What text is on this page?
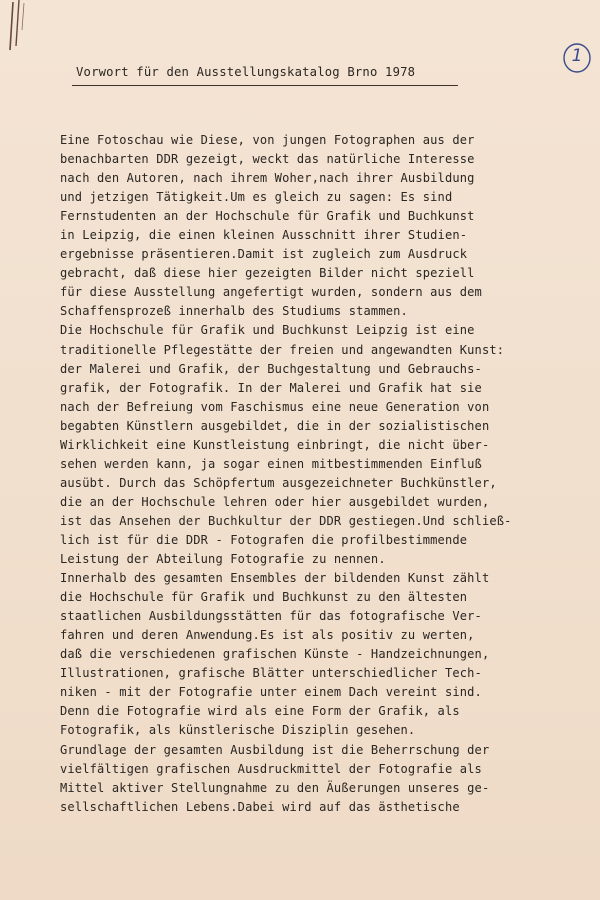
1
Vorwort für den Ausstellungskatalog Brno 1978
Eine Fotoschau wie Diese, von jungen Fotographen aus der
benachbarten DDR gezeigt, weckt das natürliche Interesse
nach den Autoren, nach ihrem Woher,nach ihrer Ausbildung
und jetzigen Tätigkeit.Um es gleich zu sagen: Es sind
Fernstudenten an der Hochschule für Grafik und Buchkunst
in Leipzig, die einen kleinen Ausschnitt ihrer Studien-
ergebnisse präsentieren.Damit ist zugleich zum Ausdruck
gebracht, daß diese hier gezeigten Bilder nicht speziell
für diese Ausstellung angefertigt wurden, sondern aus dem
Schaffensprozeß innerhalb des Studiums stammen.
Die Hochschule für Grafik und Buchkunst Leipzig ist eine
traditionelle Pflegestätte der freien und angewandten Kunst:
der Malerei und Grafik, der Buchgestaltung und Gebrauchs-
grafik, der Fotografik. In der Malerei und Grafik hat sie
nach der Befreiung vom Faschismus eine neue Generation von
begabten Künstlern ausgebildet, die in der sozialistischen
Wirklichkeit eine Kunstleistung einbringt, die nicht über-
sehen werden kann, ja sogar einen mitbestimmenden Einfluß
ausübt. Durch das Schöpfertum ausgezeichneter Buchkünstler,
die an der Hochschule lehren oder hier ausgebildet wurden,
ist das Ansehen der Buchkultur der DDR gestiegen.Und schließ-
lich ist für die DDR - Fotografen die profilbestimmende
Leistung der Abteilung Fotografie zu nennen.
Innerhalb des gesamten Ensembles der bildenden Kunst zählt
die Hochschule für Grafik und Buchkunst zu den ältesten
staatlichen Ausbildungsstätten für das fotografische Ver-
fahren und deren Anwendung.Es ist als positiv zu werten,
daß die verschiedenen grafischen Künste - Handzeichnungen,
Illustrationen, grafische Blätter unterschiedlicher Tech-
niken - mit der Fotografie unter einem Dach vereint sind.
Denn die Fotografie wird als eine Form der Grafik, als
Fotografik, als künstlerische Disziplin gesehen.
Grundlage der gesamten Ausbildung ist die Beherrschung der
vielfältigen grafischen Ausdruckmittel der Fotografie als
Mittel aktiver Stellungnahme zu den Äußerungen unseres ge-
sellschaftlichen Lebens.Dabei wird auf das ästhetische
